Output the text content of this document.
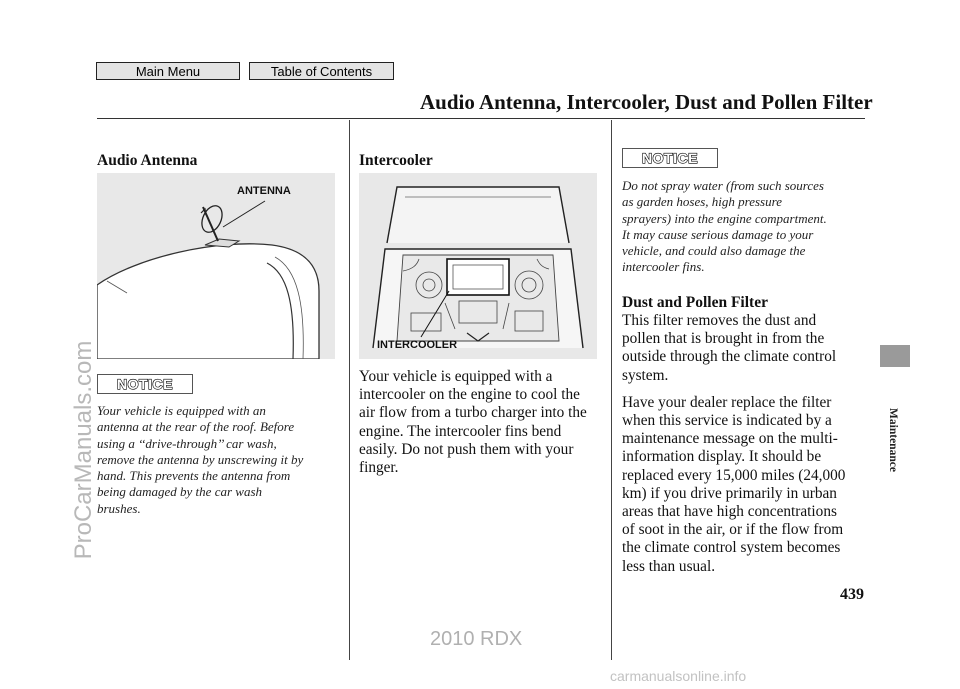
Main Menu	Table of Contents
Audio Antenna, Intercooler, Dust and Pollen Filter
Audio Antenna
ANTENNA
NOTICE
Your vehicle is equipped with an
antenna at the rear of the roof. Before
using a ‘‘drive-through’’ car wash,
remove the antenna by unscrewing it by
hand. This prevents the antenna from
being damaged by the car wash
brushes.
Intercooler
INTERCOOLER
Your vehicle is equipped with a
intercooler on the engine to cool the
air flow from a turbo charger into the
engine. The intercooler fins bend
easily. Do not push them with your
finger.
NOTICE
Do not spray water (from such sources
as garden hoses, high pressure
sprayers) into the engine compartment.
It may cause serious damage to your
vehicle, and could also damage the
intercooler fins.
Dust and Pollen Filter
This filter removes the dust and
pollen that is brought in from the
outside through the climate control
system.
Have your dealer replace the filter
when this service is indicated by a
maintenance message on the multi-
information display. It should be
replaced every 15,000 miles (24,000
km) if you drive primarily in urban
areas that have high concentrations
of soot in the air, or if the flow from
the climate control system becomes
less than usual.
Maintenance
439
2010 RDX
ProCarManuals.com
carmanualsonline.info
